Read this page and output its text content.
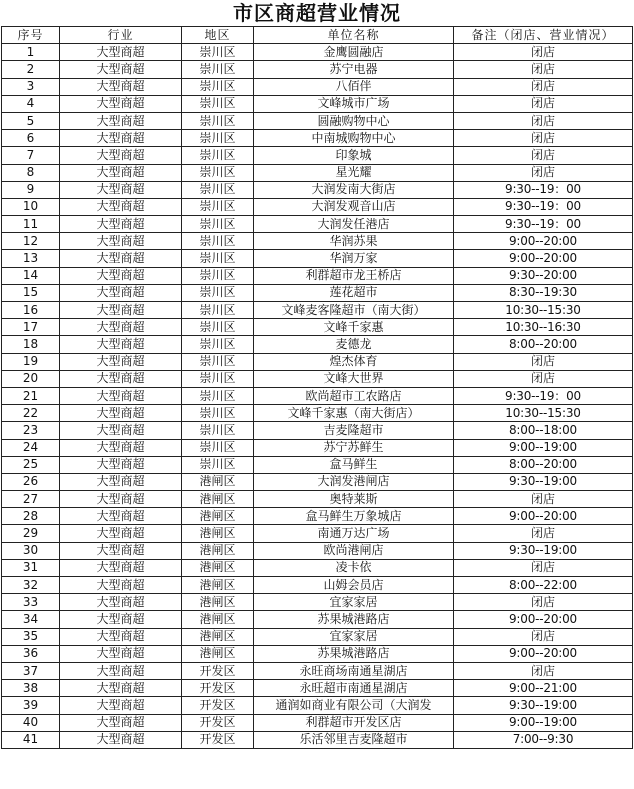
市区商超营业情况
序号	行业	地区	单位名称	备注（闭店、营业情况）
1	大型商超	崇川区	金鹰圆融店	闭店
2	大型商超	崇川区	苏宁电器	闭店
3	大型商超	崇川区	八佰伴	闭店
4	大型商超	崇川区	文峰城市广场	闭店
5	大型商超	崇川区	圆融购物中心	闭店
6	大型商超	崇川区	中南城购物中心	闭店
7	大型商超	崇川区	印象城	闭店
8	大型商超	崇川区	星光耀	闭店
9	大型商超	崇川区	大润发南大街店	9:30--19：00
10	大型商超	崇川区	大润发观音山店	9:30--19：00
11	大型商超	崇川区	大润发任港店	9:30--19：00
12	大型商超	崇川区	华润苏果	9:00--20:00
13	大型商超	崇川区	华润万家	9:00--20:00
14	大型商超	崇川区	利群超市龙王桥店	9:30--20:00
15	大型商超	崇川区	莲花超市	8:30--19:30
16	大型商超	崇川区	文峰麦客隆超市（南大街）	10:30--15:30
17	大型商超	崇川区	文峰千家惠	10:30--16:30
18	大型商超	崇川区	麦德龙	8:00--20:00
19	大型商超	崇川区	煌杰体育	闭店
20	大型商超	崇川区	文峰大世界	闭店
21	大型商超	崇川区	欧尚超市工农路店	9:30--19：00
22	大型商超	崇川区	文峰千家惠（南大街店）	10:30--15:30
23	大型商超	崇川区	吉麦隆超市	8:00--18:00
24	大型商超	崇川区	苏宁苏鲜生	9:00--19:00
25	大型商超	崇川区	盒马鲜生	8:00--20:00
26	大型商超	港闸区	大润发港闸店	9:30--19:00
27	大型商超	港闸区	奥特莱斯	闭店
28	大型商超	港闸区	盒马鲜生万象城店	9:00--20:00
29	大型商超	港闸区	南通万达广场	闭店
30	大型商超	港闸区	欧尚港闸店	9:30--19:00
31	大型商超	港闸区	凌卡依	闭店
32	大型商超	港闸区	山姆会员店	8:00--22:00
33	大型商超	港闸区	宜家家居	闭店
34	大型商超	港闸区	苏果城港路店	9:00--20:00
35	大型商超	港闸区	宜家家居	闭店
36	大型商超	港闸区	苏果城港路店	9:00--20:00
37	大型商超	开发区	永旺商场南通星湖店	闭店
38	大型商超	开发区	永旺超市南通星湖店	9:00--21:00
39	大型商超	开发区	通润如商业有限公司（大润发	9:30--19:00
40	大型商超	开发区	利群超市开发区店	9:00--19:00
41	大型商超	开发区	乐活邻里吉麦隆超市	7:00--9:30
